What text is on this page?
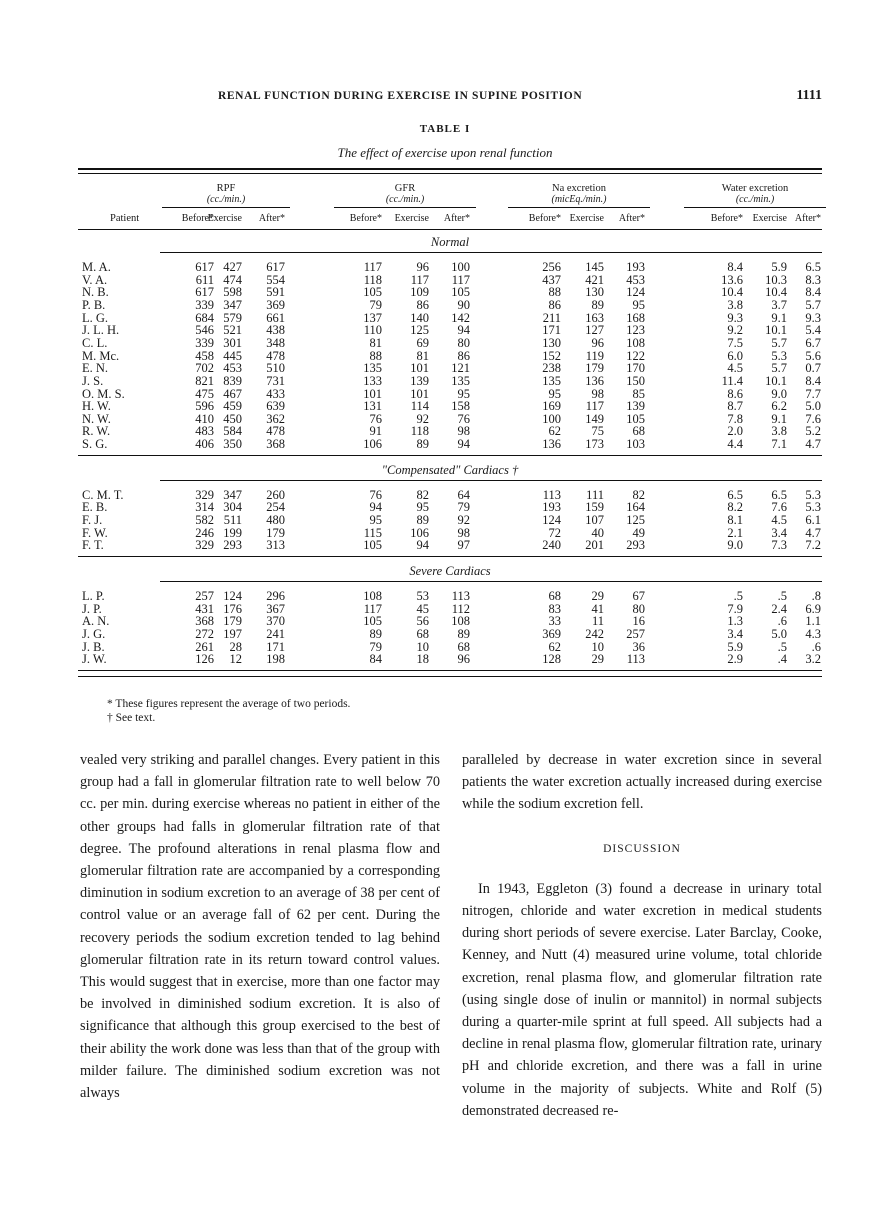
RENAL FUNCTION DURING EXERCISE IN SUPINE POSITION	1111
TABLE I
The effect of exercise upon renal function
RPF
(cc./min.)
Before*
Exercise	After*
GFR
(cc./min.)
Before*	Exercise	After*
Na excretion
(micEq./min.)
Before* Exercise	After*
Water excretion
(cc./min.)
Before* Exercise After*
Patient
Normal
M. A.	617 427	617	117	96	100	256	145	193	8.4	5.9	6.5
V. A.	611 474	554	118	117	117	437	421	453	13.6	10.3	8.3
N. B.	617 598	591	105	109	105	88	130	124	10.4	10.4	8.4
P. B.	339 347	369	79	86	90	86	89	95	3.8	3.7	5.7
L. G.	684 579	661	137	140	142	211	163	168	9.3	9.1	9.3
J. L. H.	546 521	438	110	125	94	171	127	123	9.2	10.1	5.4
C. L.	339 301	348	81	69	80	130	96	108	7.5	5.7	6.7
M. Mc.	458 445	478	88	81	86	152	119	122	6.0	5.3	5.6
E. N.	702 453	510	135	101	121	238	179	170	4.5	5.7	0.7
J. S.	821 839	731	133	139	135	135	136	150	11.4	10.1	8.4
O. M. S.	475 467	433	101	101	95	95	98	85	8.6	9.0	7.7
H. W.	596 459	639	131	114	158	169	117	139	8.7	6.2	5.0
N. W.	410 450	362	76	92	76	100	149	105	7.8	9.1	7.6
R. W.	483 584	478	91	118	98	62	75	68	2.0	3.8	5.2
S. G.	406 350	368	106	89	94	136	173	103	4.4	7.1	4.7
"Compensated" Cardiacs †
C. M. T.	329 347	260	76	82	64	113	111	82	6.5	6.5	5.3
E. B.	314 304	254	94	95	79	193	159	164	8.2	7.6	5.3
F. J.	582 511	480	95	89	92	124	107	125	8.1	4.5	6.1
F. W.	246 199	179	115	106	98	72	40	49	2.1	3.4	4.7
F. T.	329 293	313	105	94	97	240	201	293	9.0	7.3	7.2
Severe Cardiacs
L. P.	257 124	296	108	53	113	68	29	67	.5	.5	.8
J. P.	431 176	367	117	45	112	83	41	80	7.9	2.4	6.9
A. N.	368 179	370	105	56	108	33	11	16	1.3	.6	1.1
J. G.	272 197	241	89	68	89	369	242	257	3.4	5.0	4.3
J. B.	261	28	171	79	10	68	62	10	36	5.9	.5	.6
J. W.	126	12	198	84	18	96	128	29	113	2.9	.4	3.2
* These figures represent the average of two periods.
† See text.

vealed very striking and parallel changes. Every patient in this group had a fall in glomerular filtration rate to well below 70 cc. per min. during exercise whereas no patient in either of the other groups had falls in glomerular filtration rate of that degree. The profound alterations in renal plasma flow and glomerular filtration rate are accompanied by a corresponding diminution in sodium excretion to an average of 38 per cent of control value or an average fall of 62 per cent. During the recovery periods the sodium excretion tended to lag behind glomerular filtration rate in its return toward control values. This would suggest that in exercise, more than one factor may be involved in diminished sodium excretion. It is also of significance that although this group exercised to the best of their ability the work done was less than that of the group with milder failure. The diminished sodium excretion was not always

paralleled by decrease in water excretion since in several patients the water excretion actually increased during exercise while the sodium excretion fell.

DISCUSSION

In 1943, Eggleton (3) found a decrease in urinary total nitrogen, chloride and water excretion in medical students during short periods of severe exercise. Later Barclay, Cooke, Kenney, and Nutt (4) measured urine volume, total chloride excretion, renal plasma flow, and glomerular filtration rate (using single dose of inulin or mannitol) in normal subjects during a quarter-mile sprint at full speed. All subjects had a decline in renal plasma flow, glomerular filtration rate, urinary pH and chloride excretion, and there was a fall in urine volume in the majority of subjects. White and Rolf (5) demonstrated decreased re-
